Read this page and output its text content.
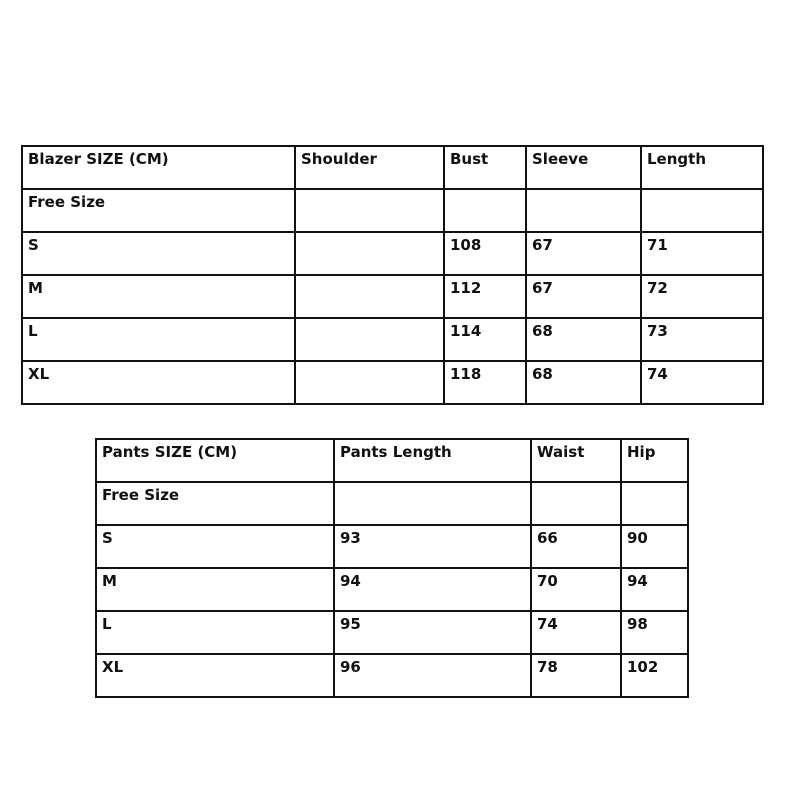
Blazer SIZE (CM)	Shoulder	Bust	Sleeve	Length
Free Size				
S		108	67	71
M		112	67	72
L		114	68	73
XL		118	68	74
Pants SIZE (CM)	Pants Length	Waist	Hip
Free Size			
S	93	66	90
M	94	70	94
L	95	74	98
XL	96	78	102
